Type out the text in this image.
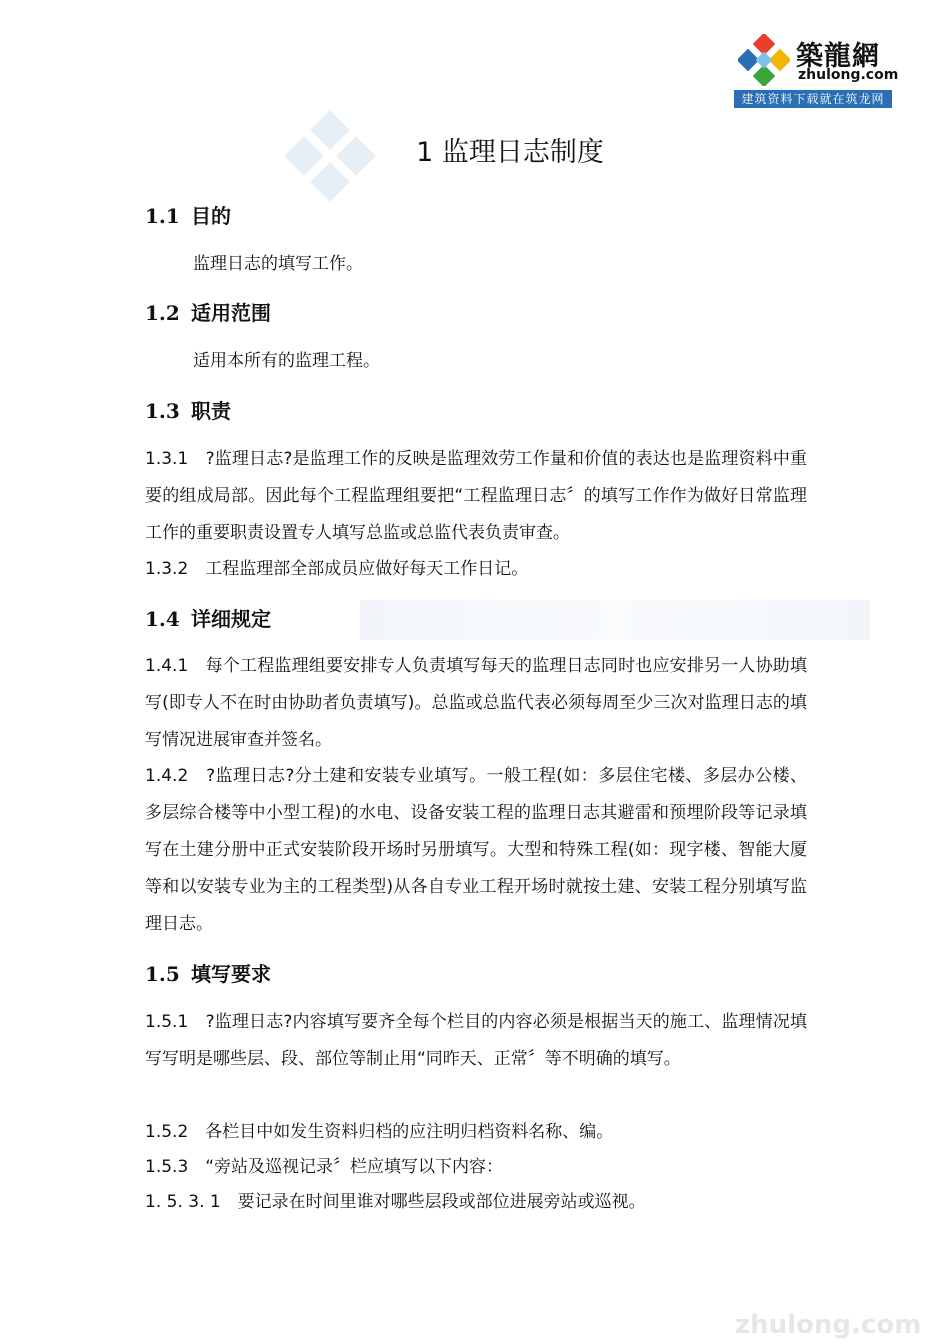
築龍網
zhulong.com
建筑资料下载就在筑龙网
zhulong.com
1 监理日志制度
1.1 目的
监理日志的填写工作。
1.2 适用范围
适用本所有的监理工程。
1.3 职责
1.3.1　?监理日志?是监理工作的反映是监理效劳工作量和价值的表达也是监理资料中重要的组成局部。因此每个工程监理组要把“工程监理日志〞的填写工作作为做好日常监理工作的重要职责设置专人填写总监或总监代表负责审查。
1.3.2　工程监理部全部成员应做好每天工作日记。
1.4 详细规定
1.4.1　每个工程监理组要安排专人负责填写每天的监理日志同时也应安排另一人协助填写(即专人不在时由协助者负责填写)。总监或总监代表必须每周至少三次对监理日志的填写情况进展审查并签名。
1.4.2　?监理日志?分土建和安装专业填写。一般工程(如：多层住宅楼、多层办公楼、多层综合楼等中小型工程)的水电、设备安装工程的监理日志其避雷和预埋阶段等记录填写在土建分册中正式安装阶段开场时另册填写。大型和特殊工程(如：现字楼、智能大厦等和以安装专业为主的工程类型)从各自专业工程开场时就按土建、安装工程分别填写监理日志。
1.5 填写要求
1.5.1　?监理日志?内容填写要齐全每个栏目的内容必须是根据当天的施工、监理情况填写写明是哪些层、段、部位等制止用“同昨天、正常〞等不明确的填写。
1.5.2　各栏目中如发生资料归档的应注明归档资料名称、编。
1.5.3　“旁站及巡视记录〞栏应填写以下内容：
1. 5. 3. 1　要记录在时间里谁对哪些层段或部位进展旁站或巡视。
